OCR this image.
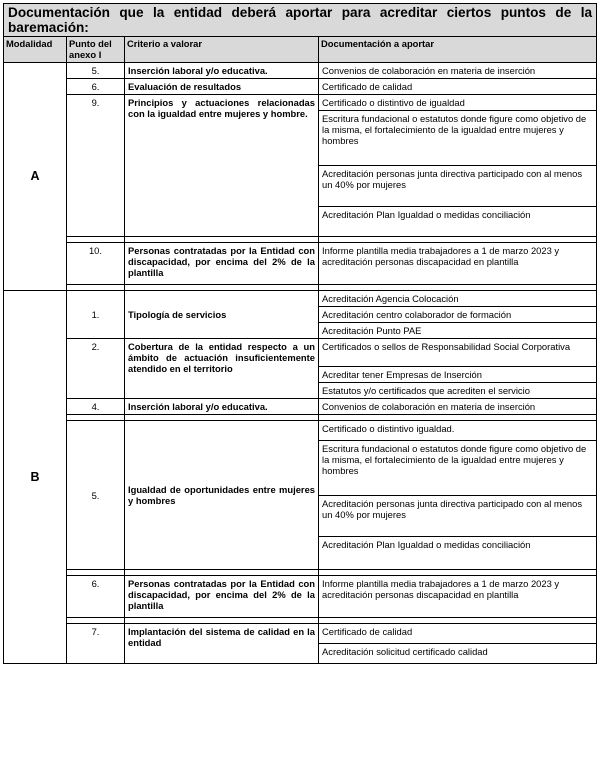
Documentación que la entidad deberá aportar para acreditar ciertos puntos de la baremación:			
Modalidad	Punto del anexo I	Criterio a valorar	Documentación a aportar
A	5.	Inserción laboral y/o educativa.	Convenios de colaboración en materia de inserción
	6.	Evaluación de resultados	Certificado de calidad
	9.	Principios y actuaciones relacionadas con la igualdad entre mujeres y hombre.	Certificado o distintivo de igualdad
			Escritura fundacional o estatutos donde figure como objetivo de la misma, el fortalecimiento de la igualdad entre mujeres y hombres
			Acreditación personas junta directiva participado con al menos un 40% por mujeres
			Acreditación Plan Igualdad o medidas conciliación

	10.	Personas contratadas por la Entidad con discapacidad, por encima del 2% de la plantilla	Informe plantilla media trabajadores a 1 de marzo 2023 y acreditación personas discapacidad en plantilla

B	1.	Tipología de servicios	Acreditación Agencia Colocación
			Acreditación centro colaborador de formación
			Acreditación Punto PAE
	2.	Cobertura de la entidad respecto a un ámbito de actuación insuficientemente atendido en el territorio	Certificados o sellos de Responsabilidad Social Corporativa
			Acreditar tener Empresas de Inserción
			Estatutos y/o certificados que acrediten el servicio
	4.	Inserción laboral y/o educativa.	Convenios de colaboración en materia de inserción

	5.	Igualdad de oportunidades entre mujeres y hombres	Certificado o distintivo igualdad.
			Escritura fundacional o estatutos donde figure como objetivo de la misma, el fortalecimiento de la igualdad entre mujeres y hombres
			Acreditación personas junta directiva participado con al menos un 40% por mujeres
			Acreditación Plan Igualdad o medidas conciliación

	6.	Personas contratadas por la Entidad con discapacidad, por encima del 2% de la plantilla	Informe plantilla media trabajadores a 1 de marzo 2023 y acreditación personas discapacidad en plantilla

	7.	Implantación del sistema de calidad en la entidad	Certificado de calidad
			Acreditación solicitud certificado calidad
